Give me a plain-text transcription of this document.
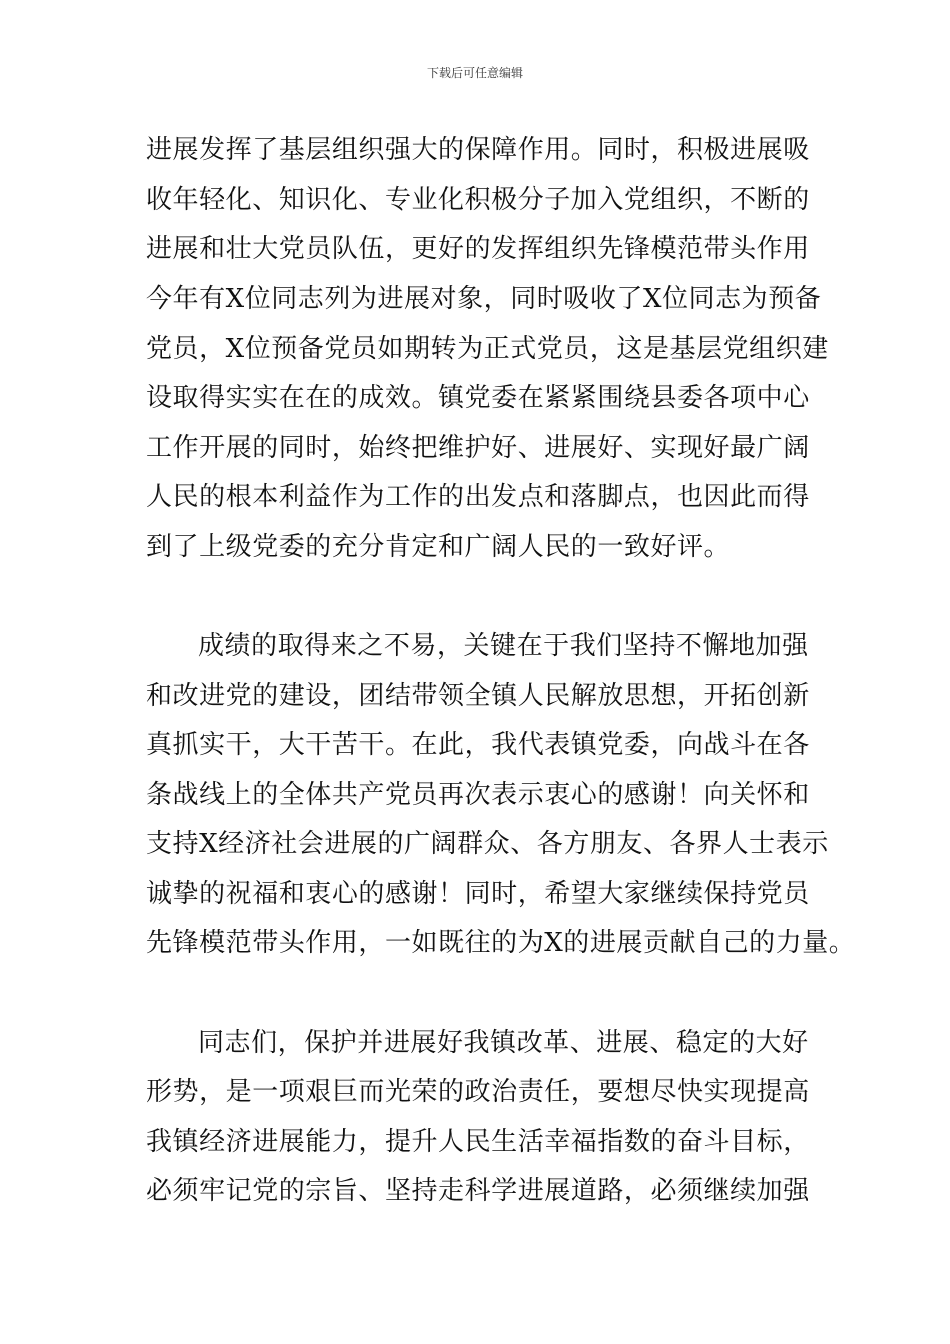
下载后可任意编辑
进展发挥了基层组织强大的保障作用。同时，积极进展吸
收年轻化、知识化、专业化积极分子加入党组织，不断的
进展和壮大党员队伍，更好的发挥组织先锋模范带头作用
今年有X位同志列为进展对象，同时吸收了X位同志为预备
党员，X位预备党员如期转为正式党员，这是基层党组织建
设取得实实在在的成效。镇党委在紧紧围绕县委各项中心
工作开展的同时，始终把维护好、进展好、实现好最广阔
人民的根本利益作为工作的出发点和落脚点，也因此而得
到了上级党委的充分肯定和广阔人民的一致好评。
成绩的取得来之不易，关键在于我们坚持不懈地加强
和改进党的建设，团结带领全镇人民解放思想，开拓创新
真抓实干，大干苦干。在此，我代表镇党委，向战斗在各
条战线上的全体共产党员再次表示衷心的感谢！向关怀和
支持X经济社会进展的广阔群众、各方朋友、各界人士表示
诚挚的祝福和衷心的感谢！同时，希望大家继续保持党员
先锋模范带头作用，一如既往的为X的进展贡献自己的力量。
同志们，保护并进展好我镇改革、进展、稳定的大好
形势，是一项艰巨而光荣的政治责任，要想尽快实现提高
我镇经济进展能力，提升人民生活幸福指数的奋斗目标，
必须牢记党的宗旨、坚持走科学进展道路，必须继续加强
